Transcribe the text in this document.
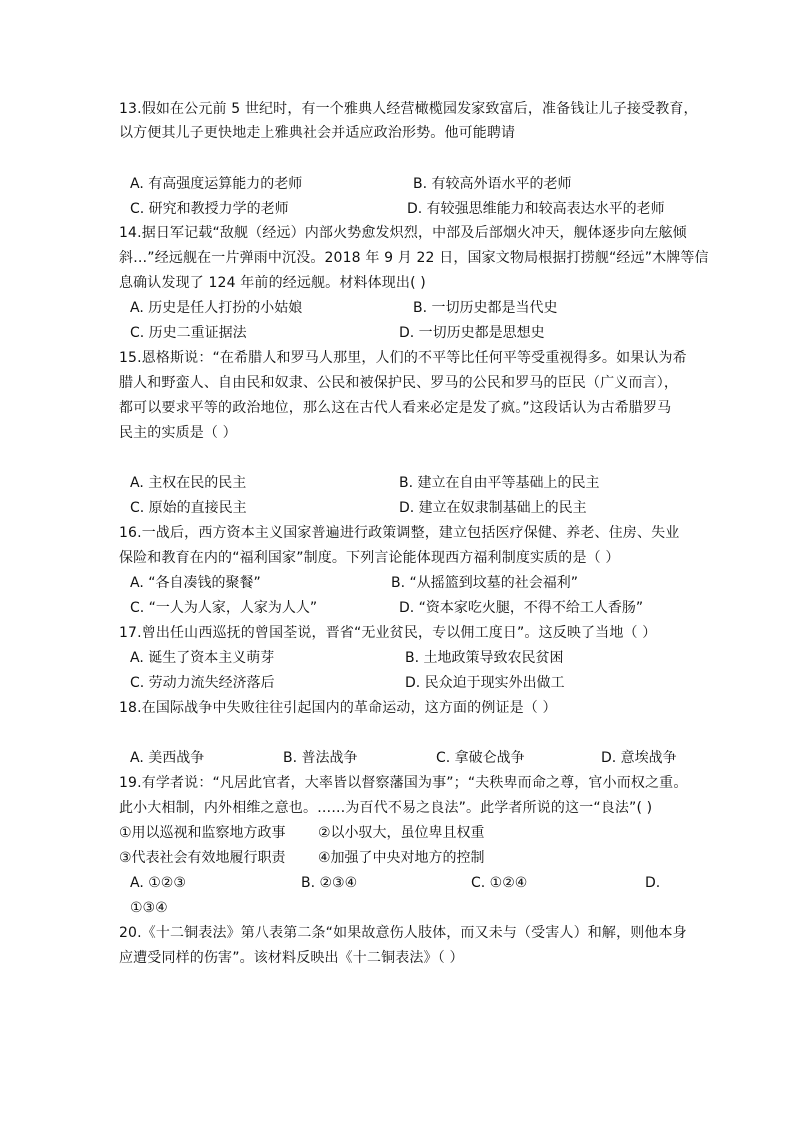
13.假如在公元前 5 世纪时，有一个雅典人经营橄榄园发家致富后，准备钱让儿子接受教育，
以方便其儿子更快地走上雅典社会并适应政治形势。他可能聘请
A. 有高强度运算能力的老师	B. 有较高外语水平的老师
C. 研究和教授力学的老师	D. 有较强思维能力和较高表达水平的老师
14.据日军记载“敌舰（经远）内部火势愈发炽烈，中部及后部烟火冲天，舰体逐步向左舷倾
斜…”经远舰在一片弹雨中沉没。2018 年 9 月 22 日，国家文物局根据打捞舰“经远”木牌等信
息确认发现了 124 年前的经远舰。材料体现出( )
A. 历史是任人打扮的小姑娘	B. 一切历史都是当代史
C. 历史二重证据法	D. 一切历史都是思想史
15.恩格斯说：“在希腊人和罗马人那里，人们的不平等比任何平等受重视得多。如果认为希
腊人和野蛮人、自由民和奴隶、公民和被保护民、罗马的公民和罗马的臣民（广义而言），
都可以要求平等的政治地位，那么这在古代人看来必定是发了疯。”这段话认为古希腊罗马
民主的实质是（ ）
A. 主权在民的民主	B. 建立在自由平等基础上的民主
C. 原始的直接民主	D. 建立在奴隶制基础上的民主
16.一战后，西方资本主义国家普遍进行政策调整，建立包括医疗保健、养老、住房、失业
保险和教育在内的“福利国家”制度。下列言论能体现西方福利制度实质的是（ ）
A. “各自凑钱的聚餐”	B. “从摇篮到坟墓的社会福利”
C. “一人为人家，人家为人人”	D. “资本家吃火腿，不得不给工人香肠”
17.曾出任山西巡抚的曾国荃说，晋省“无业贫民，专以佣工度日”。这反映了当地（ ）
A. 诞生了资本主义萌芽	B. 土地政策导致农民贫困
C. 劳动力流失经济落后	D. 民众迫于现实外出做工
18.在国际战争中失败往往引起国内的革命运动，这方面的例证是（ ）
A. 美西战争	B. 普法战争	C. 拿破仑战争	D. 意埃战争
19.有学者说：“凡居此官者，大率皆以督察藩国为事”；“夫秩卑而命之尊，官小而权之重。
此小大相制，内外相维之意也。……为百代不易之良法”。此学者所说的这一“良法”( )
①用以巡视和监察地方政事 ②以小驭大，虽位卑且权重
③代表社会有效地履行职责 ④加强了中央对地方的控制
A. ①②③	B. ②③④	C. ①②④	D.
①③④
20.《十二铜表法》第八表第二条“如果故意伤人肢体，而又未与（受害人）和解，则他本身
应遭受同样的伤害”。该材料反映出《十二铜表法》（ ）
